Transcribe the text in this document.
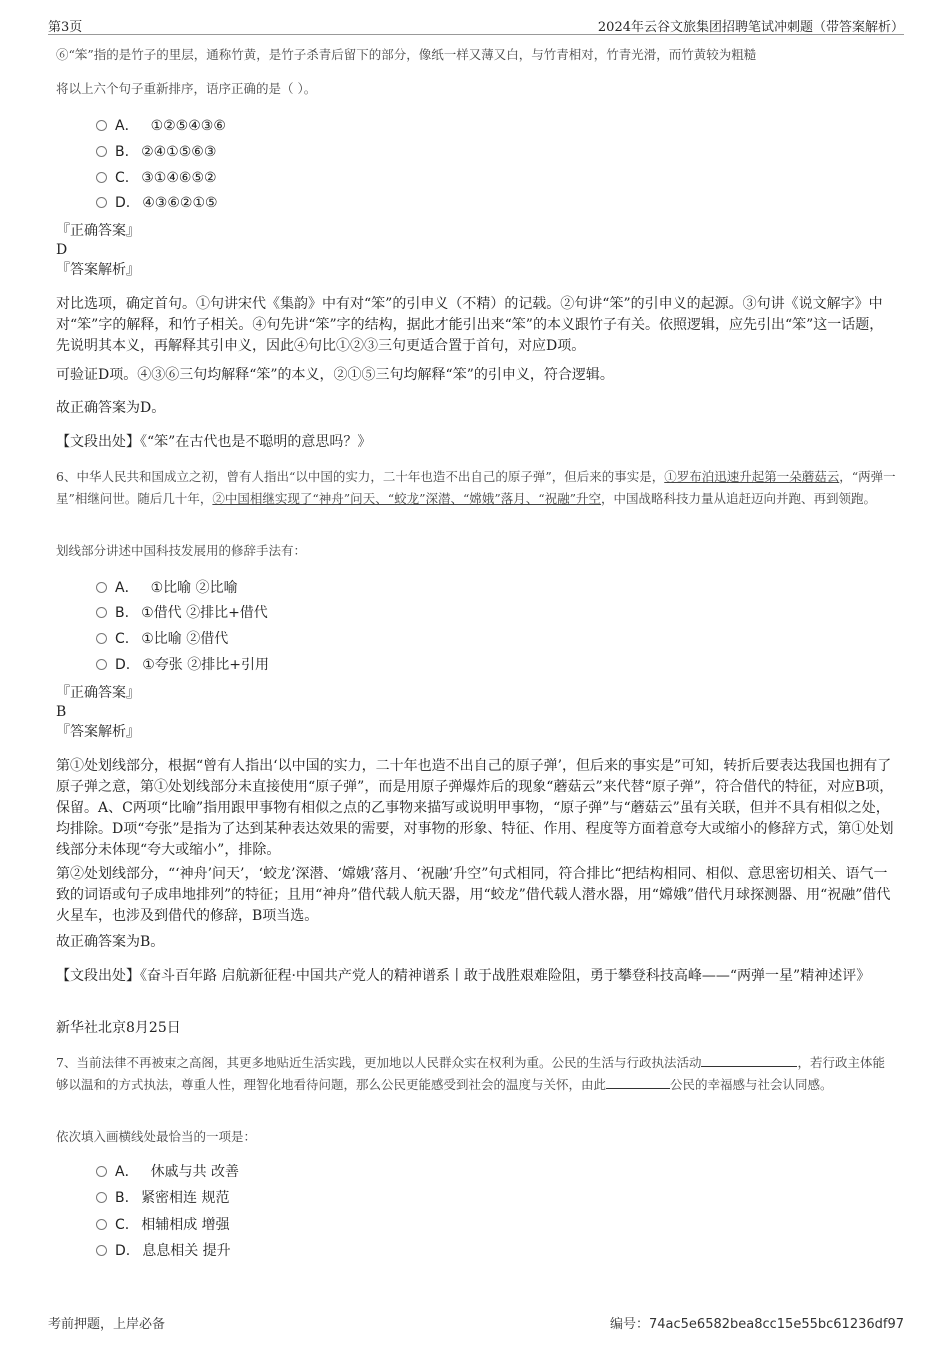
第3页	2024年云谷文旅集团招聘笔试冲刺题（带答案解析）

⑥“笨”指的是竹子的里层，通称竹黄，是竹子杀青后留下的部分，像纸一样又薄又白，与竹青相对，竹青光滑，而竹黄较为粗糙

将以上六个句子重新排序，语序正确的是（ ）。

A． ①②⑤④③⑥
B. ②④①⑤⑥③
C. ③①④⑥⑤②
D. ④③⑥②①⑤

『正确答案』

D

『答案解析』

对比选项，确定首句。①句讲宋代《集韵》中有对“笨”的引申义（不精）的记载。②句讲“笨”的引申义的起源。③句讲《说文解字》中对“笨”字的解释，和竹子相关。④句先讲“笨”字的结构，据此才能引出来“笨”的本义跟竹子有关。依照逻辑，应先引出“笨”这一话题，先说明其本义，再解释其引申义，因此④句比①②③三句更适合置于首句，对应D项。

可验证D项。④③⑥三句均解释“笨”的本义，②①⑤三句均解释“笨”的引申义，符合逻辑。

故正确答案为D。

【文段出处】《“笨”在古代也是不聪明的意思吗？》

6、中华人民共和国成立之初，曾有人指出“以中国的实力，二十年也造不出自己的原子弹”，但后来的事实是，①罗布泊迅速升起第一朵蘑菇云，“两弹一星”相继问世。随后几十年，②中国相继实现了“神舟”问天、“蛟龙”深潜、“嫦娥”落月、“祝融”升空，中国战略科技力量从追赶迈向并跑、再到领跑。

划线部分讲述中国科技发展用的修辞手法有：

A． ①比喻 ②比喻
B. ①借代 ②排比+借代
C. ①比喻 ②借代
D. ①夸张 ②排比+引用

『正确答案』

B

『答案解析』

第①处划线部分，根据“曾有人指出‘以中国的实力，二十年也造不出自己的原子弹’，但后来的事实是”可知，转折后要表达我国也拥有了原子弹之意，第①处划线部分未直接使用“原子弹”，而是用原子弹爆炸后的现象“蘑菇云”来代替“原子弹”，符合借代的特征，对应B项，保留。A、C两项“比喻”指用跟甲事物有相似之点的乙事物来描写或说明甲事物，“原子弹”与“蘑菇云”虽有关联，但并不具有相似之处，均排除。D项“夸张”是指为了达到某种表达效果的需要，对事物的形象、特征、作用、程度等方面着意夸大或缩小的修辞方式，第①处划线部分未体现“夸大或缩小”，排除。

第②处划线部分，“‘神舟’问天’，‘蛟龙’深潜、‘嫦娥’落月、‘祝融’升空”句式相同，符合排比“把结构相同、相似、意思密切相关、语气一致的词语或句子成串地排列”的特征；且用“神舟”借代载人航天器，用“蛟龙”借代载人潜水器，用“嫦娥”借代月球探测器、用“祝融”借代火星车，也涉及到借代的修辞，B项当选。

故正确答案为B。

【文段出处】《奋斗百年路 启航新征程·中国共产党人的精神谱系丨敢于战胜艰难险阻，勇于攀登科技高峰——“两弹一星”精神述评》

新华社北京8月25日

7、当前法律不再被束之高阁，其更多地贴近生活实践，更加地以人民群众实在权利为重。公民的生活与行政执法活动	，若行政主体能够以温和的方式执法，尊重人性，理智化地看待问题，那么公民更能感受到社会的温度与关怀，由此	公民的幸福感与社会认同感。

依次填入画横线处最恰当的一项是：

A． 休戚与共 改善
B. 紧密相连 规范
C. 相辅相成 增强
D. 息息相关 提升
考前押题，上岸必备	编号：74ac5e6582bea8cc15e55bc61236df97
